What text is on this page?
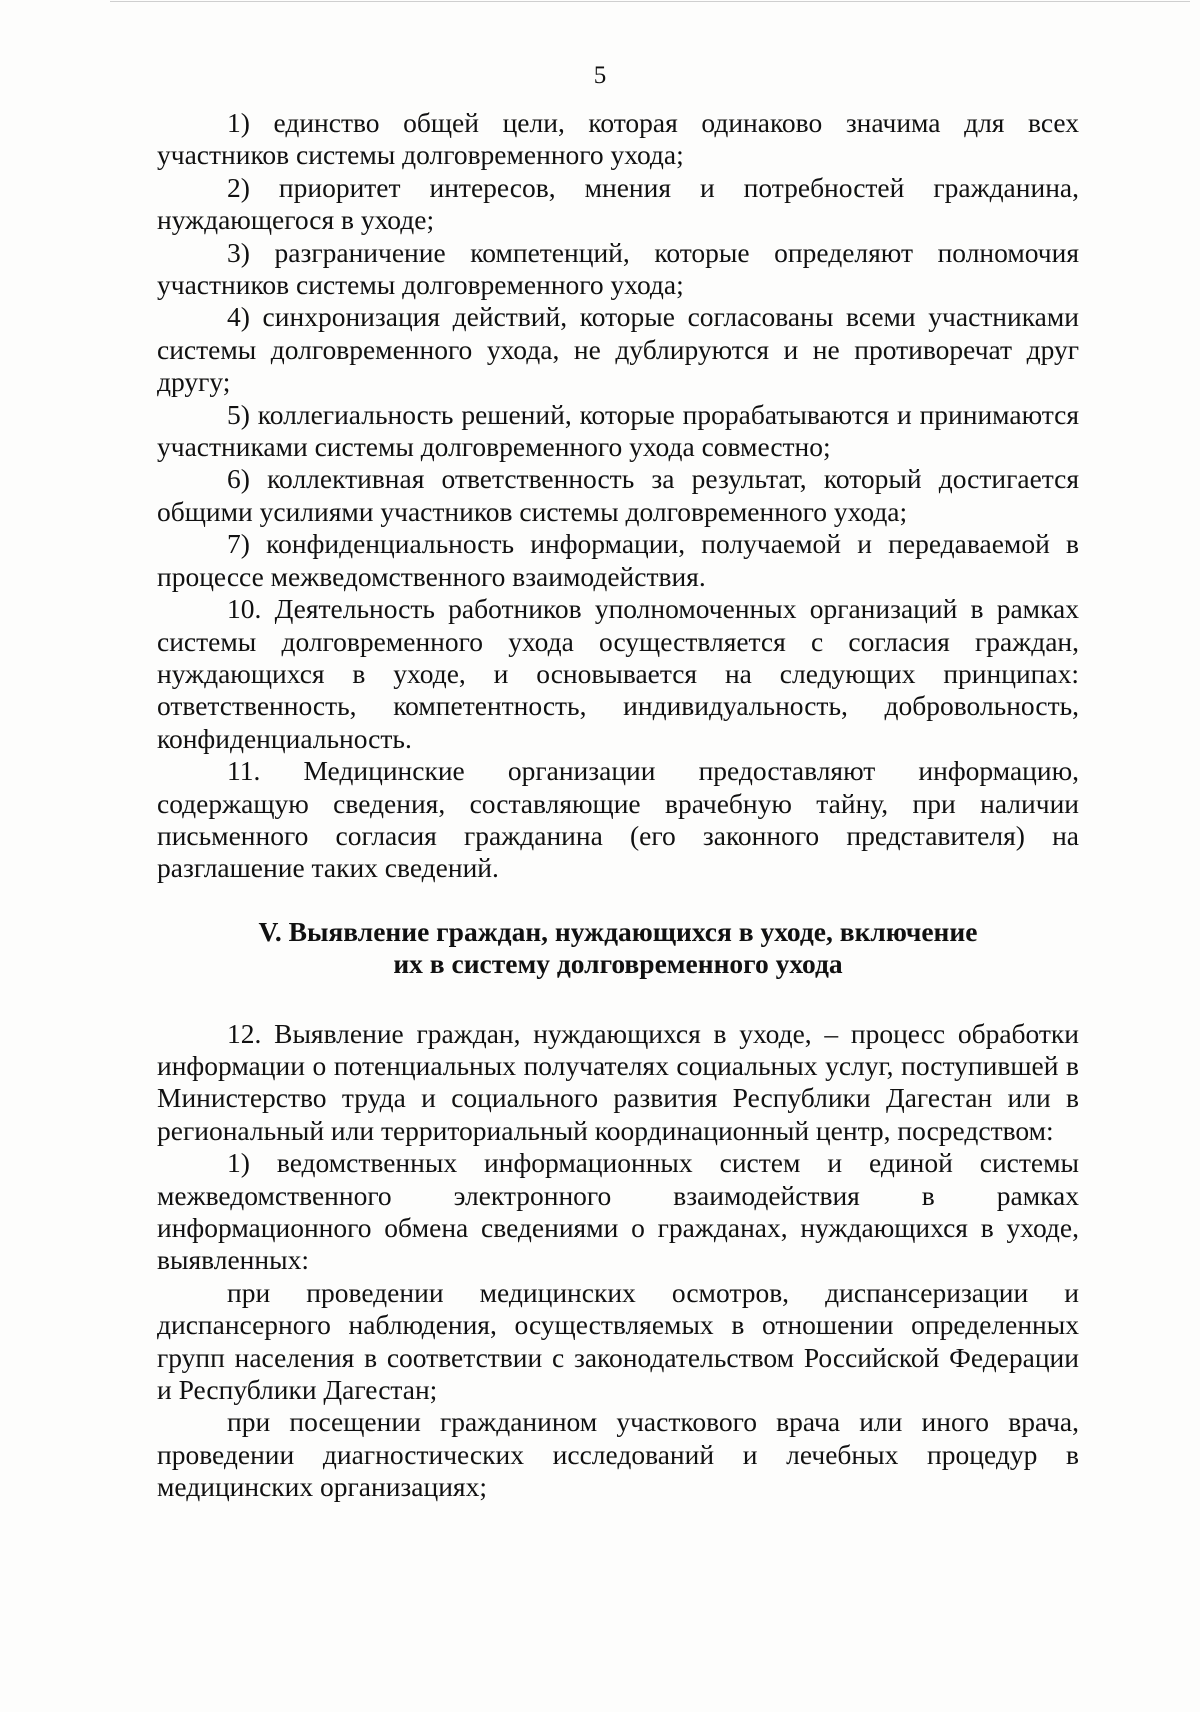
5

1) единство общей цели, которая одинаково значима для всех участников системы долговременного ухода;

2) приоритет интересов, мнения и потребностей гражданина, нуждающегося в уходе;

3) разграничение компетенций, которые определяют полномочия участников системы долговременного ухода;

4) синхронизация действий, которые согласованы всеми участниками системы долговременного ухода, не дублируются и не противоречат друг другу;

5) коллегиальность решений, которые прорабатываются и принимаются участниками системы долговременного ухода совместно;

6) коллективная ответственность за результат, который достигается общими усилиями участников системы долговременного ухода;

7) конфиденциальность информации, получаемой и передаваемой в процессе межведомственного взаимодействия.

10. Деятельность работников уполномоченных организаций в рамках системы долговременного ухода осуществляется с согласия граждан, нуждающихся в уходе, и основывается на следующих принципах: ответственность, компетентность, индивидуальность, добровольность, конфиденциальность.

11. Медицинские организации предоставляют информацию, содержащую сведения, составляющие врачебную тайну, при наличии письменного согласия гражданина (его законного представителя) на разглашение таких сведений.

V. Выявление граждан, нуждающихся в уходе, включение
их в систему долговременного ухода

12. Выявление граждан, нуждающихся в уходе, – процесс обработки информации о потенциальных получателях социальных услуг, поступившей в Министерство труда и социального развития Республики Дагестан или в региональный или территориальный координационный центр, посредством:

1) ведомственных информационных систем и единой системы межведомственного электронного взаимодействия в рамках информационного обмена сведениями о гражданах, нуждающихся в уходе, выявленных:

при проведении медицинских осмотров, диспансеризации и диспансерного наблюдения, осуществляемых в отношении определенных групп населения в соответствии с законодательством Российской Федерации и Республики Дагестан;

при посещении гражданином участкового врача или иного врача, проведении диагностических исследований и лечебных процедур в медицинских организациях;
